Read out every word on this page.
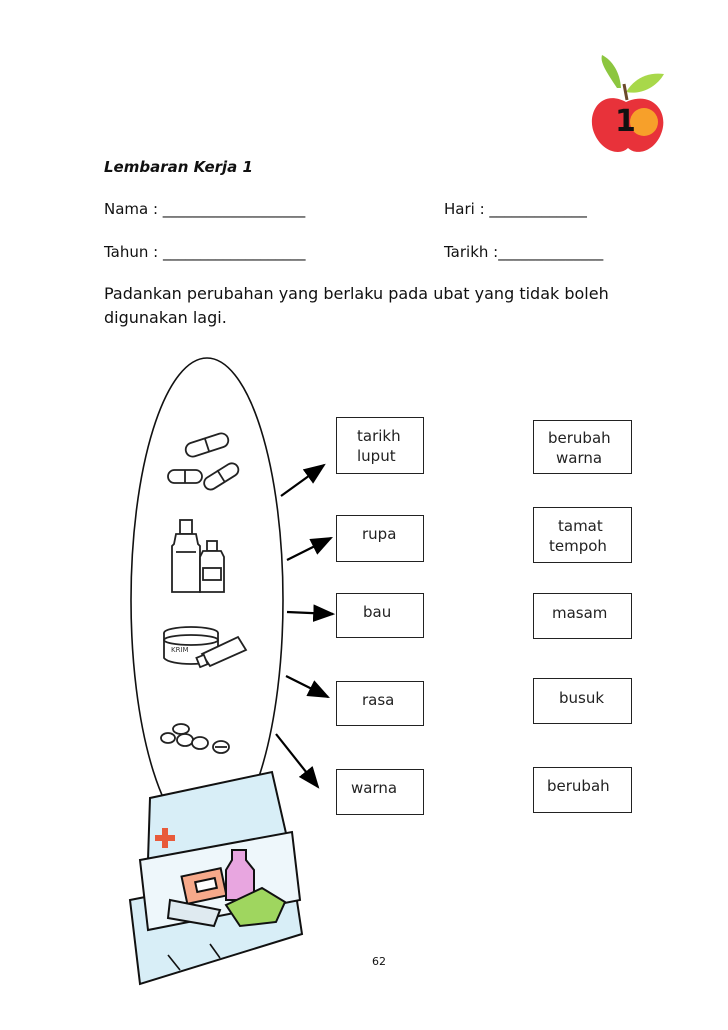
KRIM
1
Lembaran Kerja 1
Nama : ___________________	Hari : _____________
Tahun : ___________________	Tarikh :______________
Padankan perubahan yang berlaku pada ubat yang tidak boleh digunakan lagi.
tarikh
luput
rupa
bau
rasa
warna
berubah
warna
tamat
tempoh
masam
busuk
berubah
62
